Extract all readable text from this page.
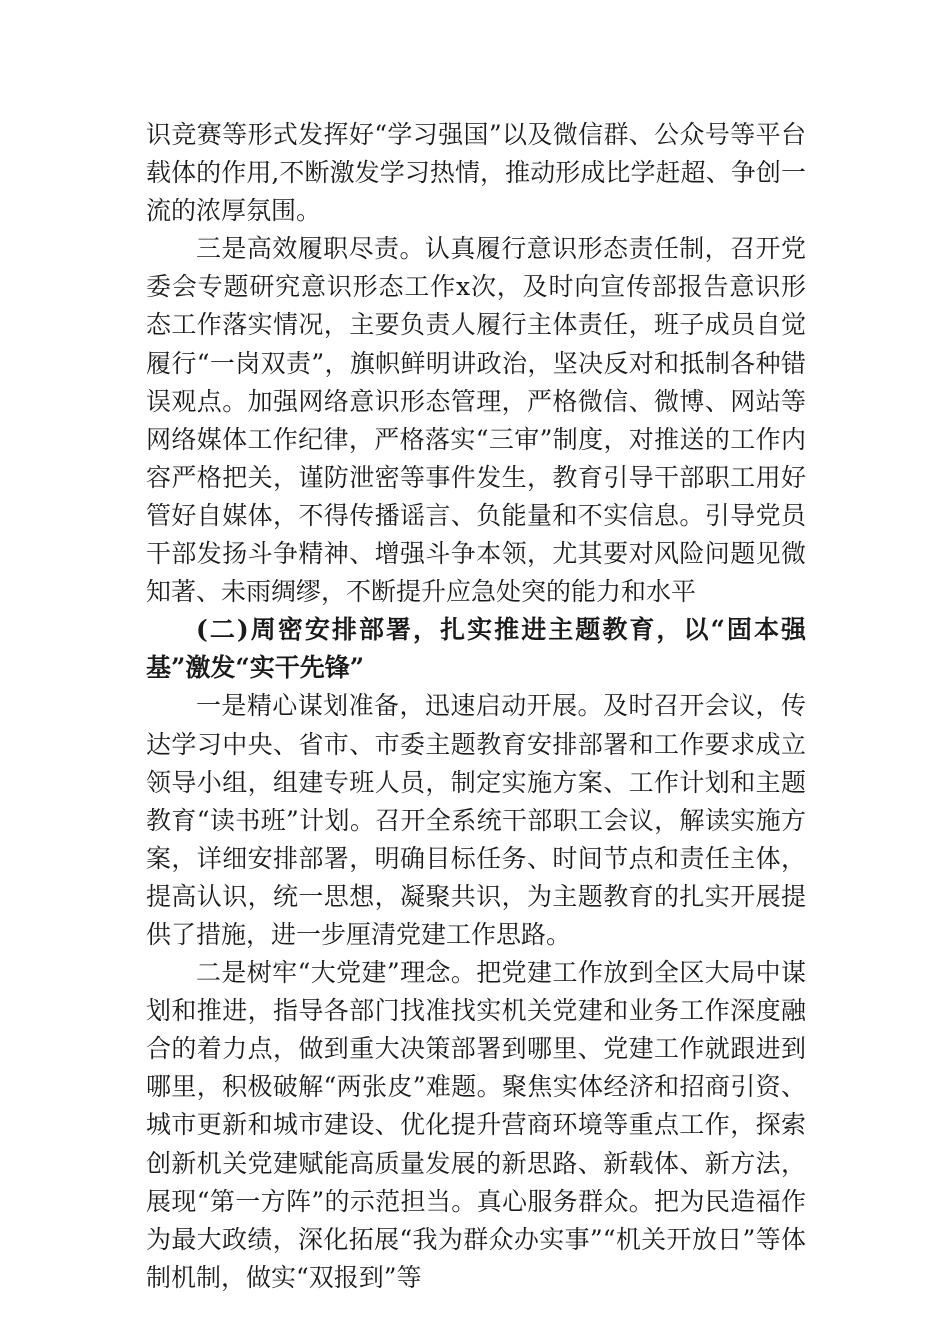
识竞赛等形式发挥好“学习强国”以及微信群、公众号等平台载体的作用,不断激发学习热情，推动形成比学赶超、争创一流的浓厚氛围。

三是高效履职尽责。认真履行意识形态责任制，召开党委会专题研究意识形态工作x次，及时向宣传部报告意识形态工作落实情况，主要负责人履行主体责任，班子成员自觉履行“一岗双责”，旗帜鲜明讲政治，坚决反对和抵制各种错误观点。加强网络意识形态管理，严格微信、微博、网站等网络媒体工作纪律，严格落实“三审”制度，对推送的工作内容严格把关，谨防泄密等事件发生，教育引导干部职工用好管好自媒体，不得传播谣言、负能量和不实信息。引导党员干部发扬斗争精神、增强斗争本领，尤其要对风险问题见微知著、未雨绸缪，不断提升应急处突的能力和水平

(二)周密安排部署，扎实推进主题教育，以“固本强基”激发“实干先锋”

一是精心谋划准备，迅速启动开展。及时召开会议，传达学习中央、省市、市委主题教育安排部署和工作要求成立领导小组，组建专班人员，制定实施方案、工作计划和主题教育“读书班”计划。召开全系统干部职工会议，解读实施方案，详细安排部署，明确目标任务、时间节点和责任主体，提高认识，统一思想，凝聚共识，为主题教育的扎实开展提供了措施，进一步厘清党建工作思路。

二是树牢“大党建”理念。把党建工作放到全区大局中谋划和推进，指导各部门找准找实机关党建和业务工作深度融合的着力点，做到重大决策部署到哪里、党建工作就跟进到哪里，积极破解“两张皮”难题。聚焦实体经济和招商引资、城市更新和城市建设、优化提升营商环境等重点工作，探索创新机关党建赋能高质量发展的新思路、新载体、新方法，展现“第一方阵”的示范担当。真心服务群众。把为民造福作为最大政绩，深化拓展“我为群众办实事”“机关开放日”等体制机制，做实“双报到”等
